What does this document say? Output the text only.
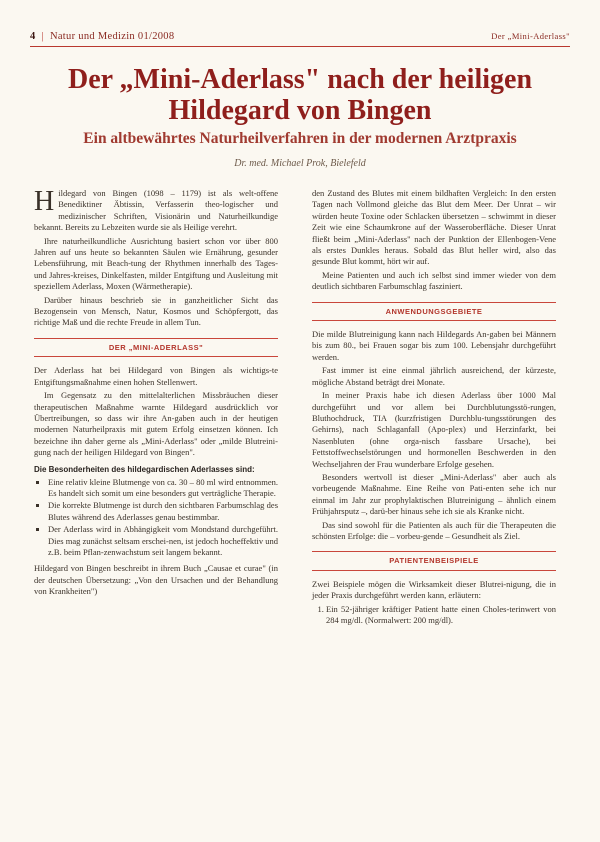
4 | Natur und Medizin 01/2008	Der „Mini-Aderlass"
Der „Mini-Aderlass" nach der heiligen Hildegard von Bingen
Ein altbewährtes Naturheilverfahren in der modernen Arztpraxis
Dr. med. Michael Prok, Bielefeld

Hildegard von Bingen (1098 – 1179) ist als welt-offene Benediktiner Äbtissin, Verfasserin theo-logischer und medizinischer Schriften, Visionärin und Naturheilkundige bekannt. Bereits zu Lebzeiten wurde sie als Heilige verehrt.

Ihre naturheilkundliche Ausrichtung basiert schon vor über 800 Jahren auf uns heute so bekannten Säulen wie Ernährung, gesunder Lebensführung, mit Beach-tung der Rhythmen innerhalb des Tages- und Jahres-kreises, Dinkelfasten, milder Entgiftung und Ausleitung mit speziellem Aderlass, Moxen (Wärmetherapie).

Darüber hinaus beschrieb sie in ganzheitlicher Sicht das Bezogensein von Mensch, Natur, Kosmos und Schöpfergott, das richtige Maß und die rechte Freude in allem Tun.

DER „MINI-ADERLASS"

Der Aderlass hat bei Hildegard von Bingen als wichtigs-te Entgiftungsmaßnahme einen hohen Stellenwert.

Im Gegensatz zu den mittelalterlichen Missbräuchen dieser therapeutischen Maßnahme warnte Hildegard ausdrücklich vor Übertreibungen, so dass wir ihre An-gaben auch in der heutigen modernen Naturheilpraxis mit gutem Erfolg einsetzen können. Ich bezeichne ihn daher gerne als „Mini-Aderlass" oder „milde Blutreini-gung nach der heiligen Hildegard von Bingen".

Die Besonderheiten des hildegardischen Aderlasses sind:
▪ Eine relativ kleine Blutmenge von ca. 30 – 80 ml wird entnommen. Es handelt sich somit um eine besonders gut verträgliche Therapie.
▪ Die korrekte Blutmenge ist durch den sichtbaren Farbumschlag des Blutes während des Aderlasses genau bestimmbar.
▪ Der Aderlass wird in Abhängigkeit vom Mondstand durchgeführt. Dies mag zunächst seltsam erschei-nen, ist jedoch hocheffektiv und z.B. beim Pflan-zenwachstum seit langem bekannt.

Hildegard von Bingen beschreibt in ihrem Buch „Causae et curae" (in der deutschen Übersetzung: „Von den Ursachen und der Behandlung von Krankheiten")

den Zustand des Blutes mit einem bildhaften Vergleich: In den ersten Tagen nach Vollmond gleiche das Blut dem Meer. Der Unrat – wir würden heute Toxine oder Schlacken übersetzen – schwimmt in dieser Zeit wie eine Schaumkrone auf der Wasseroberfläche. Dieser Unrat fließt beim „Mini-Aderlass" nach der Punktion der Ellenbogen-Vene als erstes Dunkles heraus. Sobald das Blut heller wird, also das gesunde Blut kommt, hört wir auf.

Meine Patienten und auch ich selbst sind immer wieder von dem deutlich sichtbaren Farbumschlag fasziniert.

ANWENDUNGSGEBIETE

Die milde Blutreinigung kann nach Hildegards An-gaben bei Männern bis zum 80., bei Frauen sogar bis zum 100. Lebensjahr durchgeführt werden.

Fast immer ist eine einmal jährlich ausreichend, der kürzeste, mögliche Abstand beträgt drei Monate.

In meiner Praxis habe ich diesen Aderlass über 1000 Mal durchgeführt und vor allem bei Durchblutungsstö-rungen, Bluthochdruck, TIA (kurzfristigen Durchblu-tungsstörungen des Gehirns), nach Schlaganfall (Apo-plex) und Herzinfarkt, bei Nasenbluten (ohne orga-nisch fassbare Ursache), bei Fettstoffwechselstörungen und hormonellen Beschwerden in den Wechseljahren der Frau wunderbare Erfolge gesehen.

Besonders wertvoll ist dieser „Mini-Aderlass" aber auch als vorbeugende Maßnahme. Eine Reihe von Pati-enten sehe ich nur einmal im Jahr zur prophylaktischen Blutreinigung – ähnlich einem Frühjahrsputz –, darü-ber hinaus sehe ich sie als Kranke nicht.

Das sind sowohl für die Patienten als auch für die Therapeuten die schönsten Erfolge: die – vorbeu-gende – Gesundheit als Ziel.

PATIENTENBEISPIELE

Zwei Beispiele mögen die Wirksamkeit dieser Blutrei-nigung, die in jeder Praxis durchgeführt werden kann, erläutern:

1. Ein 52-jähriger kräftiger Patient hatte einen Choles-terinwert von 284 mg/dl. (Normalwert: 200 mg/dl).
